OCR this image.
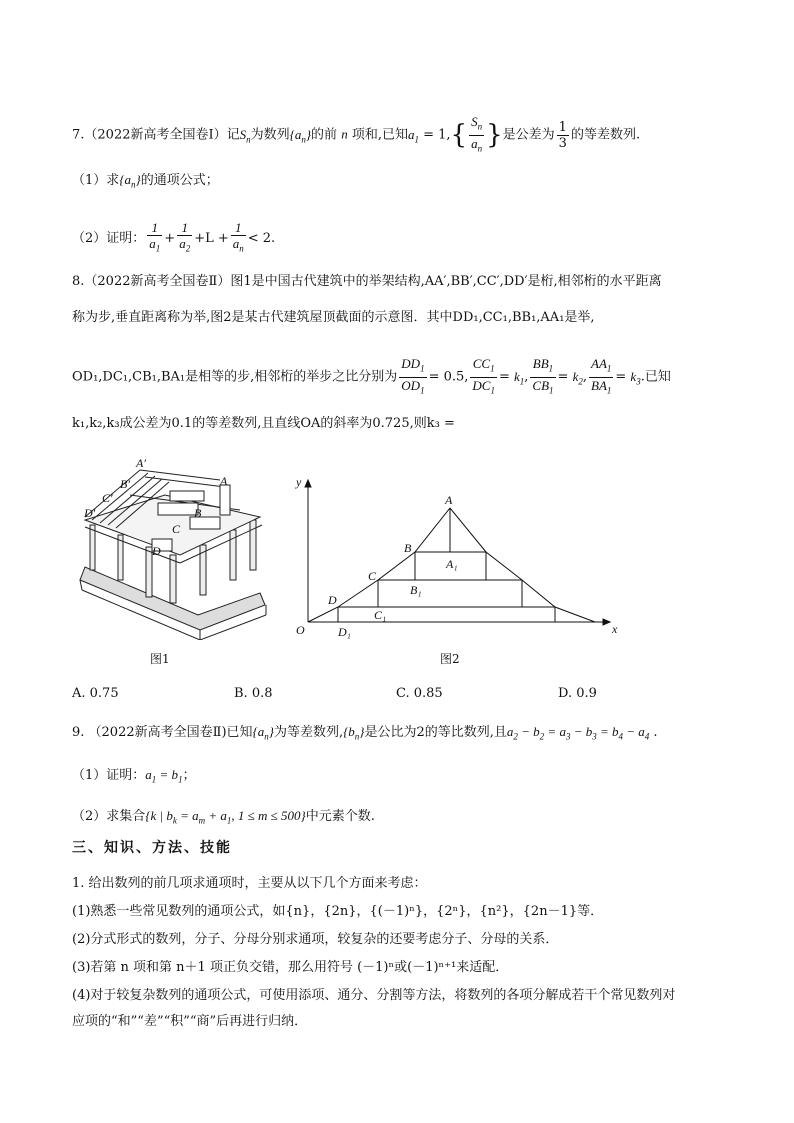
7.（2022新高考全国卷Ⅰ）记$S_n$为数列$\{a_n\}$的前 n 项和,已知$a_1 = 1,\{ \frac{S_n}{a_n}$ }是公差为 $\frac{1}{3}$ 的等差数列.
（1）求$\{a_n\}$的通项公式；
（2）证明： $\frac{1}{a_1} + \frac{1}{a_2} +L + \frac{1}{a_n} < 2$.
8.（2022新高考全国卷Ⅱ）图1是中国古代建筑中的举架结构,AA′,BB′,CC′,DD′是桁,相邻桁的水平距离
称为步,垂直距离称为举,图2是某古代建筑屋顶截面的示意图．其中DD₁,CC₁,BB₁,AA₁是举,
OD₁,DC₁,CB₁,BA₁是相等的步,相邻桁的举步之比分别为 $\frac{DD_1}{OD_1} = 0.5$, $\frac{CC_1}{DC_1} = k_1$, $\frac{BB_1}{CB_1} = k_2$, $\frac{AA_1}{BA_1} = k_3$.已知
k₁,k₂,k₃成公差为0.1的等差数列,且直线OA的斜率为0.725,则k₃ =
A′
B′
C′
D′
A
B
C
D
图1
y
x
O
A
B
C
D
A₁
B₁
C₁
D₁
图2
A. 0.75	B. 0.8	C. 0.85	D. 0.9
9. （2022新高考全国卷Ⅱ)已知$\{a_n\}$为等差数列$,\{b_n\}$是公比为2的等比数列,且$a_2 - b_2 = a_3 - b_3 = b_4 - a_4$ .
（1）证明：$a_1 = b_1$；
（2）求集合{k | $b_k = a_m + a_1$, 1 ≤ m ≤ 500}中元素个数.
三、知识、方法、技能
1. 给出数列的前几项求通项时，主要从以下几个方面来考虑：
(1)熟悉一些常见数列的通项公式，如{n}，{2n}，{(－1)ⁿ}，{2ⁿ}，{n²}，{2n－1}等．
(2)分式形式的数列，分子、分母分别求通项，较复杂的还要考虑分子、分母的关系．
(3)若第 n 项和第 n＋1 项正负交错，那么用符号 (－1)ⁿ或(－1)ⁿ⁺¹来适配．
(4)对于较复杂数列的通项公式，可使用添项、通分、分割等方法，将数列的各项分解成若干个常见数列对
应项的“和”“差”“积”“商”后再进行归纳．
